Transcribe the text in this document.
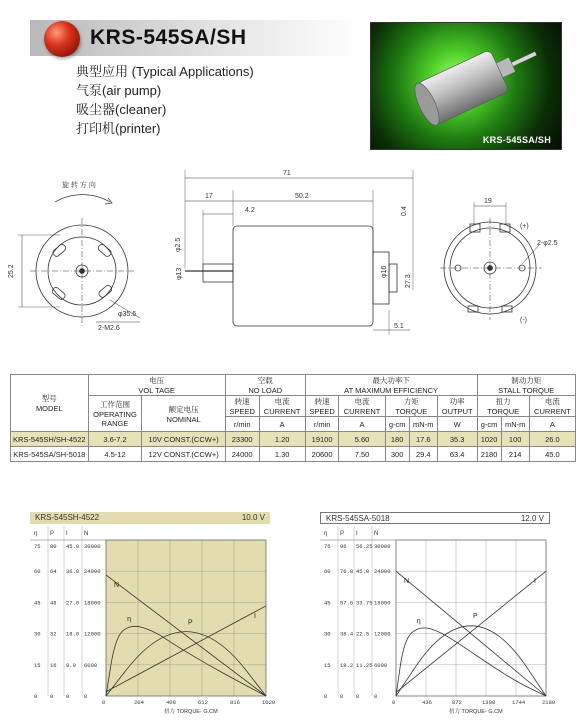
KRS-545SA/SH
典型应用 (Typical Applications)
气泵(air pump)
吸尘器(cleaner)
打印机(printer)
KRS-545SA/SH
旋 转 方 向
25.2
φ35.6
2-M2.6
71
17	50.2
4.2	0.4
φ2.5
φ13	φ16
27.3
5.1
19
(+)
2-φ2.5
(-)
型号
MODEL	电压
VOL TAGE		空载
NO LOAD		最大功率下
AT MAXIMUM EFFICIENCY					制动力矩
STALL TORQUE		
	工作范围
OPERATING
RANGE	额定电压
NOMINAL	转速
SPEED	电流
CURRENT	转速
SPEED	电流
CURRENT	力矩
TORQUE		功率
OUTPUT	扭力
TORQUE		电流
CURRENT
			r/min	A	r/min	A	g-cm	mN-m	W	g-cm	mN-m	A
KRS-545SH/SH-4522	3.6-7.2	10V CONST.(CCW+)	23300	1.20	19100	5.60	180	17.6	35.3	1020	100	26.0
KRS-545SA/SH-5018	4.5-12	12V CONST.(CCW+)	24000	1.30	20600	7.50	300	29.4	63.4	2180	214	45.0
KRS-545SH-4522	10.0 V
η P I	N
75 80 45.0 30000
60 64 36.0 24000
45 48 27.0 18000
30 32 18.0 12000
15 16 9.0 6000
0 0 0	0
0	204	408	612	816	1020
扭力 TORQUE- G.CM
N
η	P
I
KRS-545SA-5018	12.0 V
η P I	N
75 96 56.25 30000
60 76.8 45.0 24000
45 57.6 33.75 18000
30 38.4 22.5 12000
15 19.2 11.25 6000
0 0 0	0
0	436	872	1308	1744	2180
扭力 TORQUE- G.CM
N
η
P
I
